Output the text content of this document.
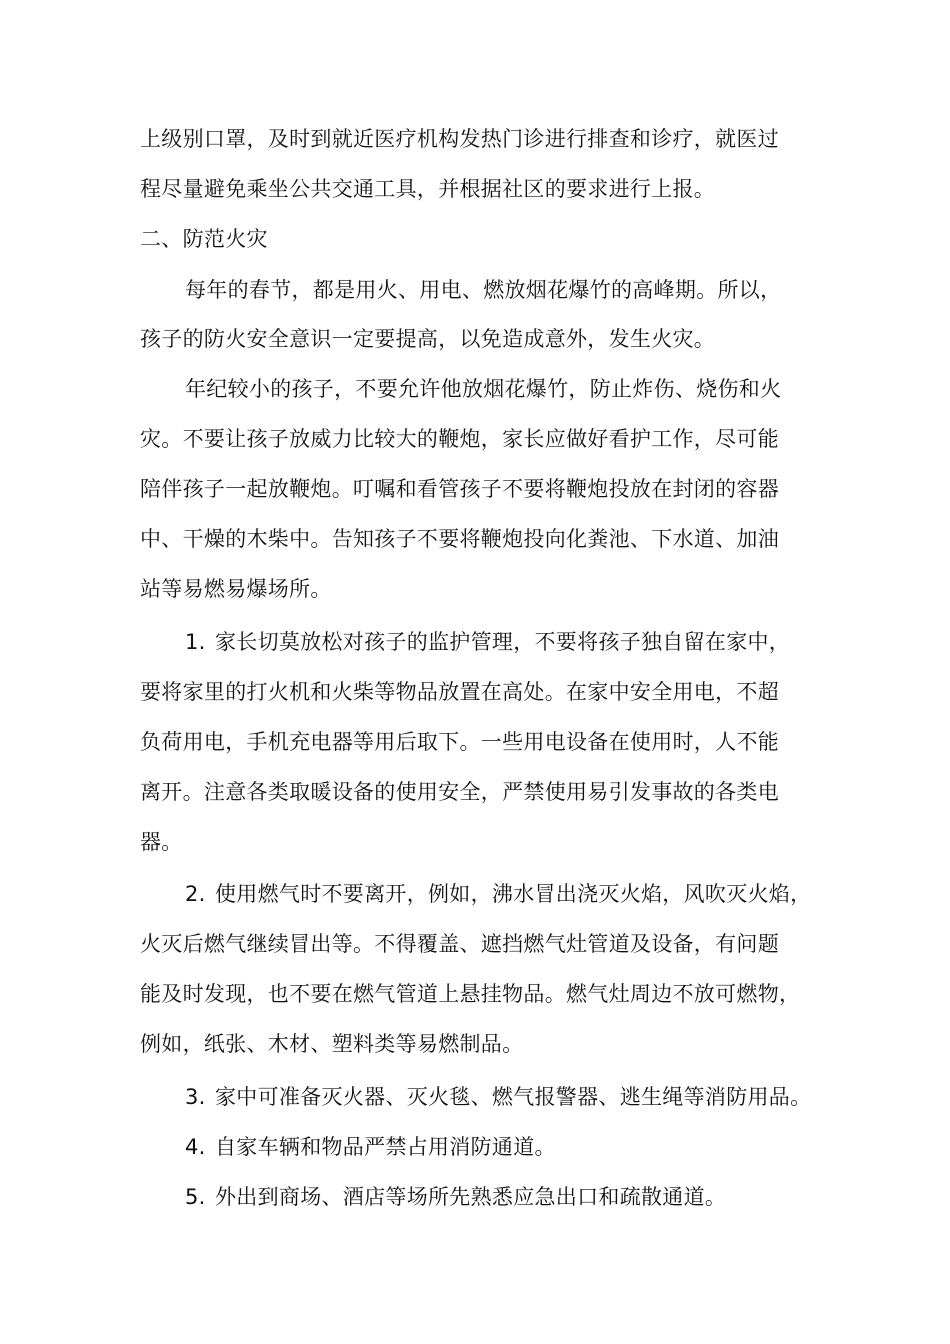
上级别口罩，及时到就近医疗机构发热门诊进行排查和诊疗，就医过
程尽量避免乘坐公共交通工具，并根据社区的要求进行上报。
二、防范火灾
每年的春节，都是用火、用电、燃放烟花爆竹的高峰期。所以，
孩子的防火安全意识一定要提高，以免造成意外，发生火灾。
年纪较小的孩子，不要允许他放烟花爆竹，防止炸伤、烧伤和火
灾。不要让孩子放威力比较大的鞭炮，家长应做好看护工作，尽可能
陪伴孩子一起放鞭炮。叮嘱和看管孩子不要将鞭炮投放在封闭的容器
中、干燥的木柴中。告知孩子不要将鞭炮投向化粪池、下水道、加油
站等易燃易爆场所。
1. 家长切莫放松对孩子的监护管理，不要将孩子独自留在家中，
要将家里的打火机和火柴等物品放置在高处。在家中安全用电，不超
负荷用电，手机充电器等用后取下。一些用电设备在使用时，人不能
离开。注意各类取暖设备的使用安全，严禁使用易引发事故的各类电
器。
2. 使用燃气时不要离开，例如，沸水冒出浇灭火焰，风吹灭火焰，
火灭后燃气继续冒出等。不得覆盖、遮挡燃气灶管道及设备，有问题
能及时发现，也不要在燃气管道上悬挂物品。燃气灶周边不放可燃物，
例如，纸张、木材、塑料类等易燃制品。
3. 家中可准备灭火器、灭火毯、燃气报警器、逃生绳等消防用品。
4. 自家车辆和物品严禁占用消防通道。
5. 外出到商场、酒店等场所先熟悉应急出口和疏散通道。
